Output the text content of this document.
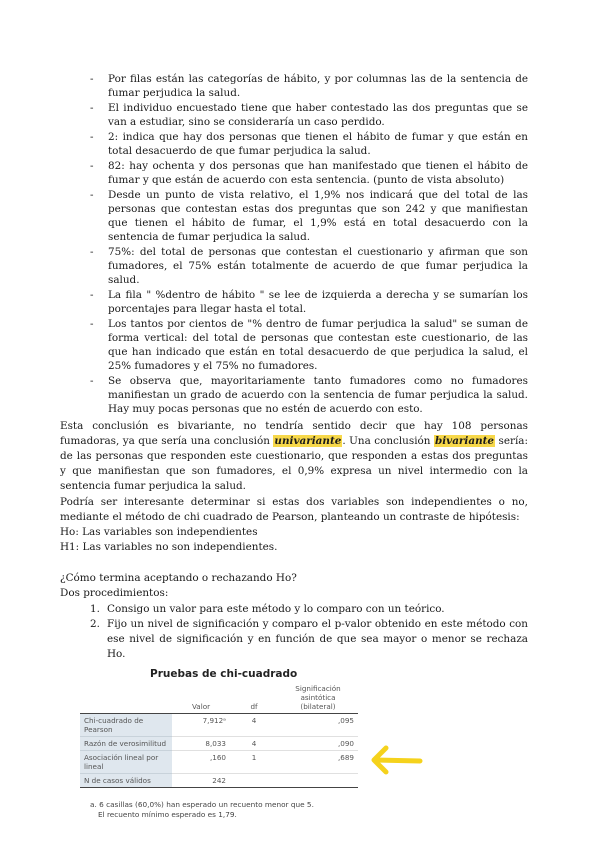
- Por filas están las categorías de hábito, y por columnas las de la sentencia de fumar perjudica la salud.
- El individuo encuestado tiene que haber contestado las dos preguntas que se van a estudiar, sino se consideraría un caso perdido.
- 2: indica que hay dos personas que tienen el hábito de fumar y que están en total desacuerdo de que fumar perjudica la salud.
- 82: hay ochenta y dos personas que han manifestado que tienen el hábito de fumar y que están de acuerdo con esta sentencia. (punto de vista absoluto)
- Desde un punto de vista relativo, el 1,9% nos indicará que del total de las personas que contestan estas dos preguntas que son 242 y que manifiestan que tienen el hábito de fumar, el 1,9% está en total desacuerdo con la sentencia de fumar perjudica la salud.
- 75%: del total de personas que contestan el cuestionario y afirman que son fumadores, el 75% están totalmente de acuerdo de que fumar perjudica la salud.
- La fila " %dentro de hábito " se lee de izquierda a derecha y se sumarían los porcentajes para llegar hasta el total.
- Los tantos por cientos de "% dentro de fumar perjudica la salud" se suman de forma vertical: del total de personas que contestan este cuestionario, de las que han indicado que están en total desacuerdo de que perjudica la salud, el 25% fumadores y el 75% no fumadores.
- Se observa que, mayoritariamente tanto fumadores como no fumadores manifiestan un grado de acuerdo con la sentencia de fumar perjudica la salud. Hay muy pocas personas que no estén de acuerdo con esto.

Esta conclusión es bivariante, no tendría sentido decir que hay 108 personas fumadoras, ya que sería una conclusión univariante. Una conclusión bivariante sería: de las personas que responden este cuestionario, que responden a estas dos preguntas y que manifiestan que son fumadores, el 0,9% expresa un nivel intermedio con la sentencia fumar perjudica la salud.

Podría ser interesante determinar si estas dos variables son independientes o no, mediante el método de chi cuadrado de Pearson, planteando un contraste de hipótesis:

Ho: Las variables son independientes

H1: Las variables no son independientes.

¿Cómo termina aceptando o rechazando Ho?

Dos procedimientos:

1. Consigo un valor para este método y lo comparo con un teórico.
2. Fijo un nivel de significación y comparo el p-valor obtenido en este método con ese nivel de significación y en función de que sea mayor o menor se rechaza Ho.
Pruebas de chi-cuadrado
	Valor	df	Significación asintótica (bilateral)
Chi-cuadrado de Pearson	7,912ᵃ	4	,095
Razón de verosimilitud	8,033	4	,090
Asociación lineal por lineal	,160	1	,689
N de casos válidos	242		
a. 6 casillas (60,0%) han esperado un recuento menor que 5.
El recuento mínimo esperado es 1,79.
